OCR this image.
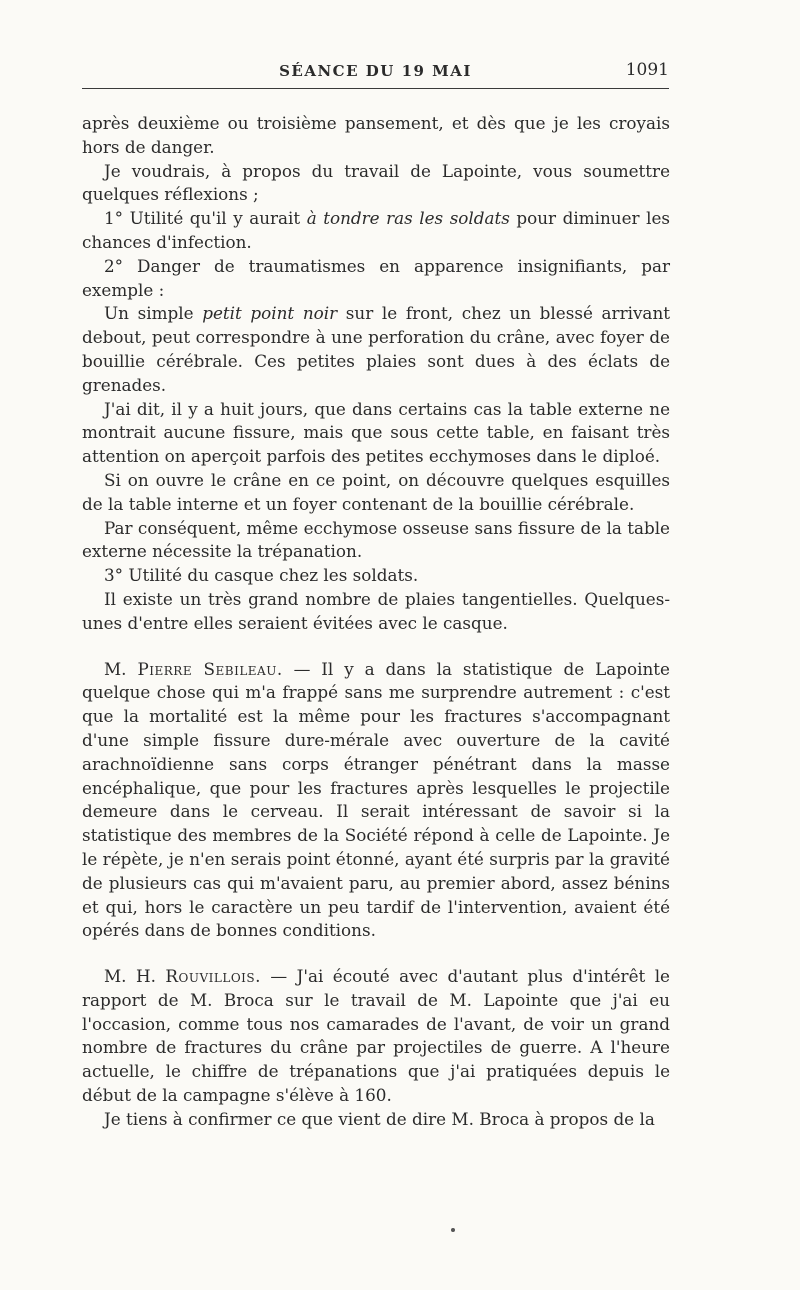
SÉANCE DU 19 MAI	1091

après deuxième ou troisième pansement, et dès que je les croyais hors de danger.

Je voudrais, à propos du travail de Lapointe, vous soumettre quelques réflexions ;

1° Utilité qu'il y aurait à tondre ras les soldats pour diminuer les chances d'infection.

2° Danger de traumatismes en apparence insignifiants, par exemple :

Un simple petit point noir sur le front, chez un blessé arrivant debout, peut correspondre à une perforation du crâne, avec foyer de bouillie cérébrale. Ces petites plaies sont dues à des éclats de grenades.

J'ai dit, il y a huit jours, que dans certains cas la table externe ne montrait aucune fissure, mais que sous cette table, en faisant très attention on aperçoit parfois des petites ecchymoses dans le diploé.

Si on ouvre le crâne en ce point, on découvre quelques esquilles de la table interne et un foyer contenant de la bouillie cérébrale.

Par conséquent, même ecchymose osseuse sans fissure de la table externe nécessite la trépanation.

3° Utilité du casque chez les soldats.

Il existe un très grand nombre de plaies tangentielles. Quelques-unes d'entre elles seraient évitées avec le casque.

M. Pierre Sebileau. — Il y a dans la statistique de Lapointe quelque chose qui m'a frappé sans me surprendre autrement : c'est que la mortalité est la même pour les fractures s'accompagnant d'une simple fissure dure-mérale avec ouverture de la cavité arachnoïdienne sans corps étranger pénétrant dans la masse encéphalique, que pour les fractures après lesquelles le projectile demeure dans le cerveau. Il serait intéressant de savoir si la statistique des membres de la Société répond à celle de Lapointe. Je le répète, je n'en serais point étonné, ayant été surpris par la gravité de plusieurs cas qui m'avaient paru, au premier abord, assez bénins et qui, hors le caractère un peu tardif de l'intervention, avaient été opérés dans de bonnes conditions.

M. H. Rouvillois. — J'ai écouté avec d'autant plus d'intérêt le rapport de M. Broca sur le travail de M. Lapointe que j'ai eu l'occasion, comme tous nos camarades de l'avant, de voir un grand nombre de fractures du crâne par projectiles de guerre. A l'heure actuelle, le chiffre de trépanations que j'ai pratiquées depuis le début de la campagne s'élève à 160.

Je tiens à confirmer ce que vient de dire M. Broca à propos de la
